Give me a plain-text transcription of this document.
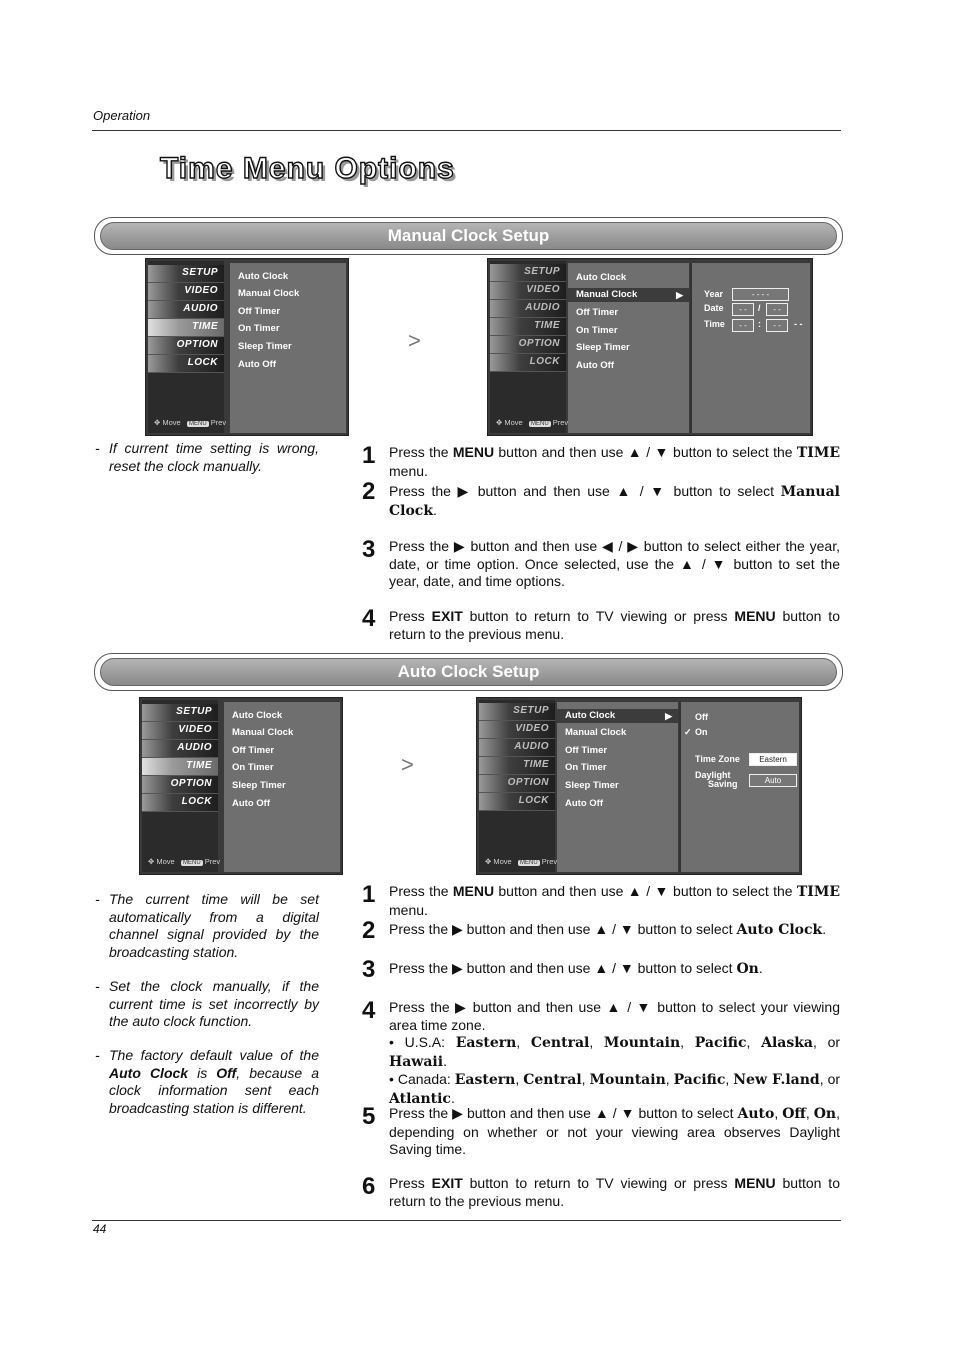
Operation
Time Menu Options
Manual Clock Setup
SETUP
VIDEO
AUDIO
TIME
OPTION
LOCK
✥ Move MENU Prev
Auto Clock
Manual Clock
Off Timer
On Timer
Sleep Timer
Auto Off
>
SETUP
VIDEO
AUDIO
TIME
OPTION
LOCK
✥ Move MENU Prev
Auto Clock
Manual Clock	▶
Off Timer
On Timer
Sleep Timer
Auto Off
Year	- - - -
Date	- -	/	- -
Time	- -	:	- -	- -
- If current time setting is wrong, reset the clock manually.	1 Press the MENU button and then use ▲ / ▼ button to select the TIME menu.
2 Press the ▶ button and then use ▲ / ▼ button to select Manual Clock.
3 Press the ▶ button and then use ◀ / ▶ button to select either the year, date, or time option. Once selected, use the ▲ / ▼ button to set the year, date, and time options.
4 Press EXIT button to return to TV viewing or press MENU button to return to the previous menu.
Auto Clock Setup
SETUP
VIDEO
AUDIO
TIME
OPTION
LOCK
✥ Move MENU Prev
Auto Clock
Manual Clock
Off Timer
On Timer
Sleep Timer
Auto Off
>
SETUP
VIDEO
AUDIO
TIME
OPTION
LOCK
✥ Move MENU Prev
Auto Clock	▶
Manual Clock
Off Timer
On Timer
Sleep Timer
Auto Off
Off
✓ On
Time Zone	Eastern
Daylight
Saving	Auto
- The current time will be set automatically from a digital channel signal provided by the broadcasting station.
- Set the clock manually, if the current time is set incorrectly by the auto clock function.
- The factory default value of the Auto Clock is Off, because a clock information sent each broadcasting station is different.
1 Press the MENU button and then use ▲ / ▼ button to select the TIME menu.
2 Press the ▶ button and then use ▲ / ▼ button to select Auto Clock.
3 Press the ▶ button and then use ▲ / ▼ button to select On.
4 Press the ▶ button and then use ▲ / ▼ button to select your viewing area time zone.
• U.S.A: Eastern, Central, Mountain, Pacific, Alaska, or Hawaii.
• Canada: Eastern, Central, Mountain, Pacific, New F.land, or Atlantic.
5 Press the ▶ button and then use ▲ / ▼ button to select Auto, Off, On, depending on whether or not your viewing area observes Daylight Saving time.
6 Press EXIT button to return to TV viewing or press MENU button to return to the previous menu.
44
